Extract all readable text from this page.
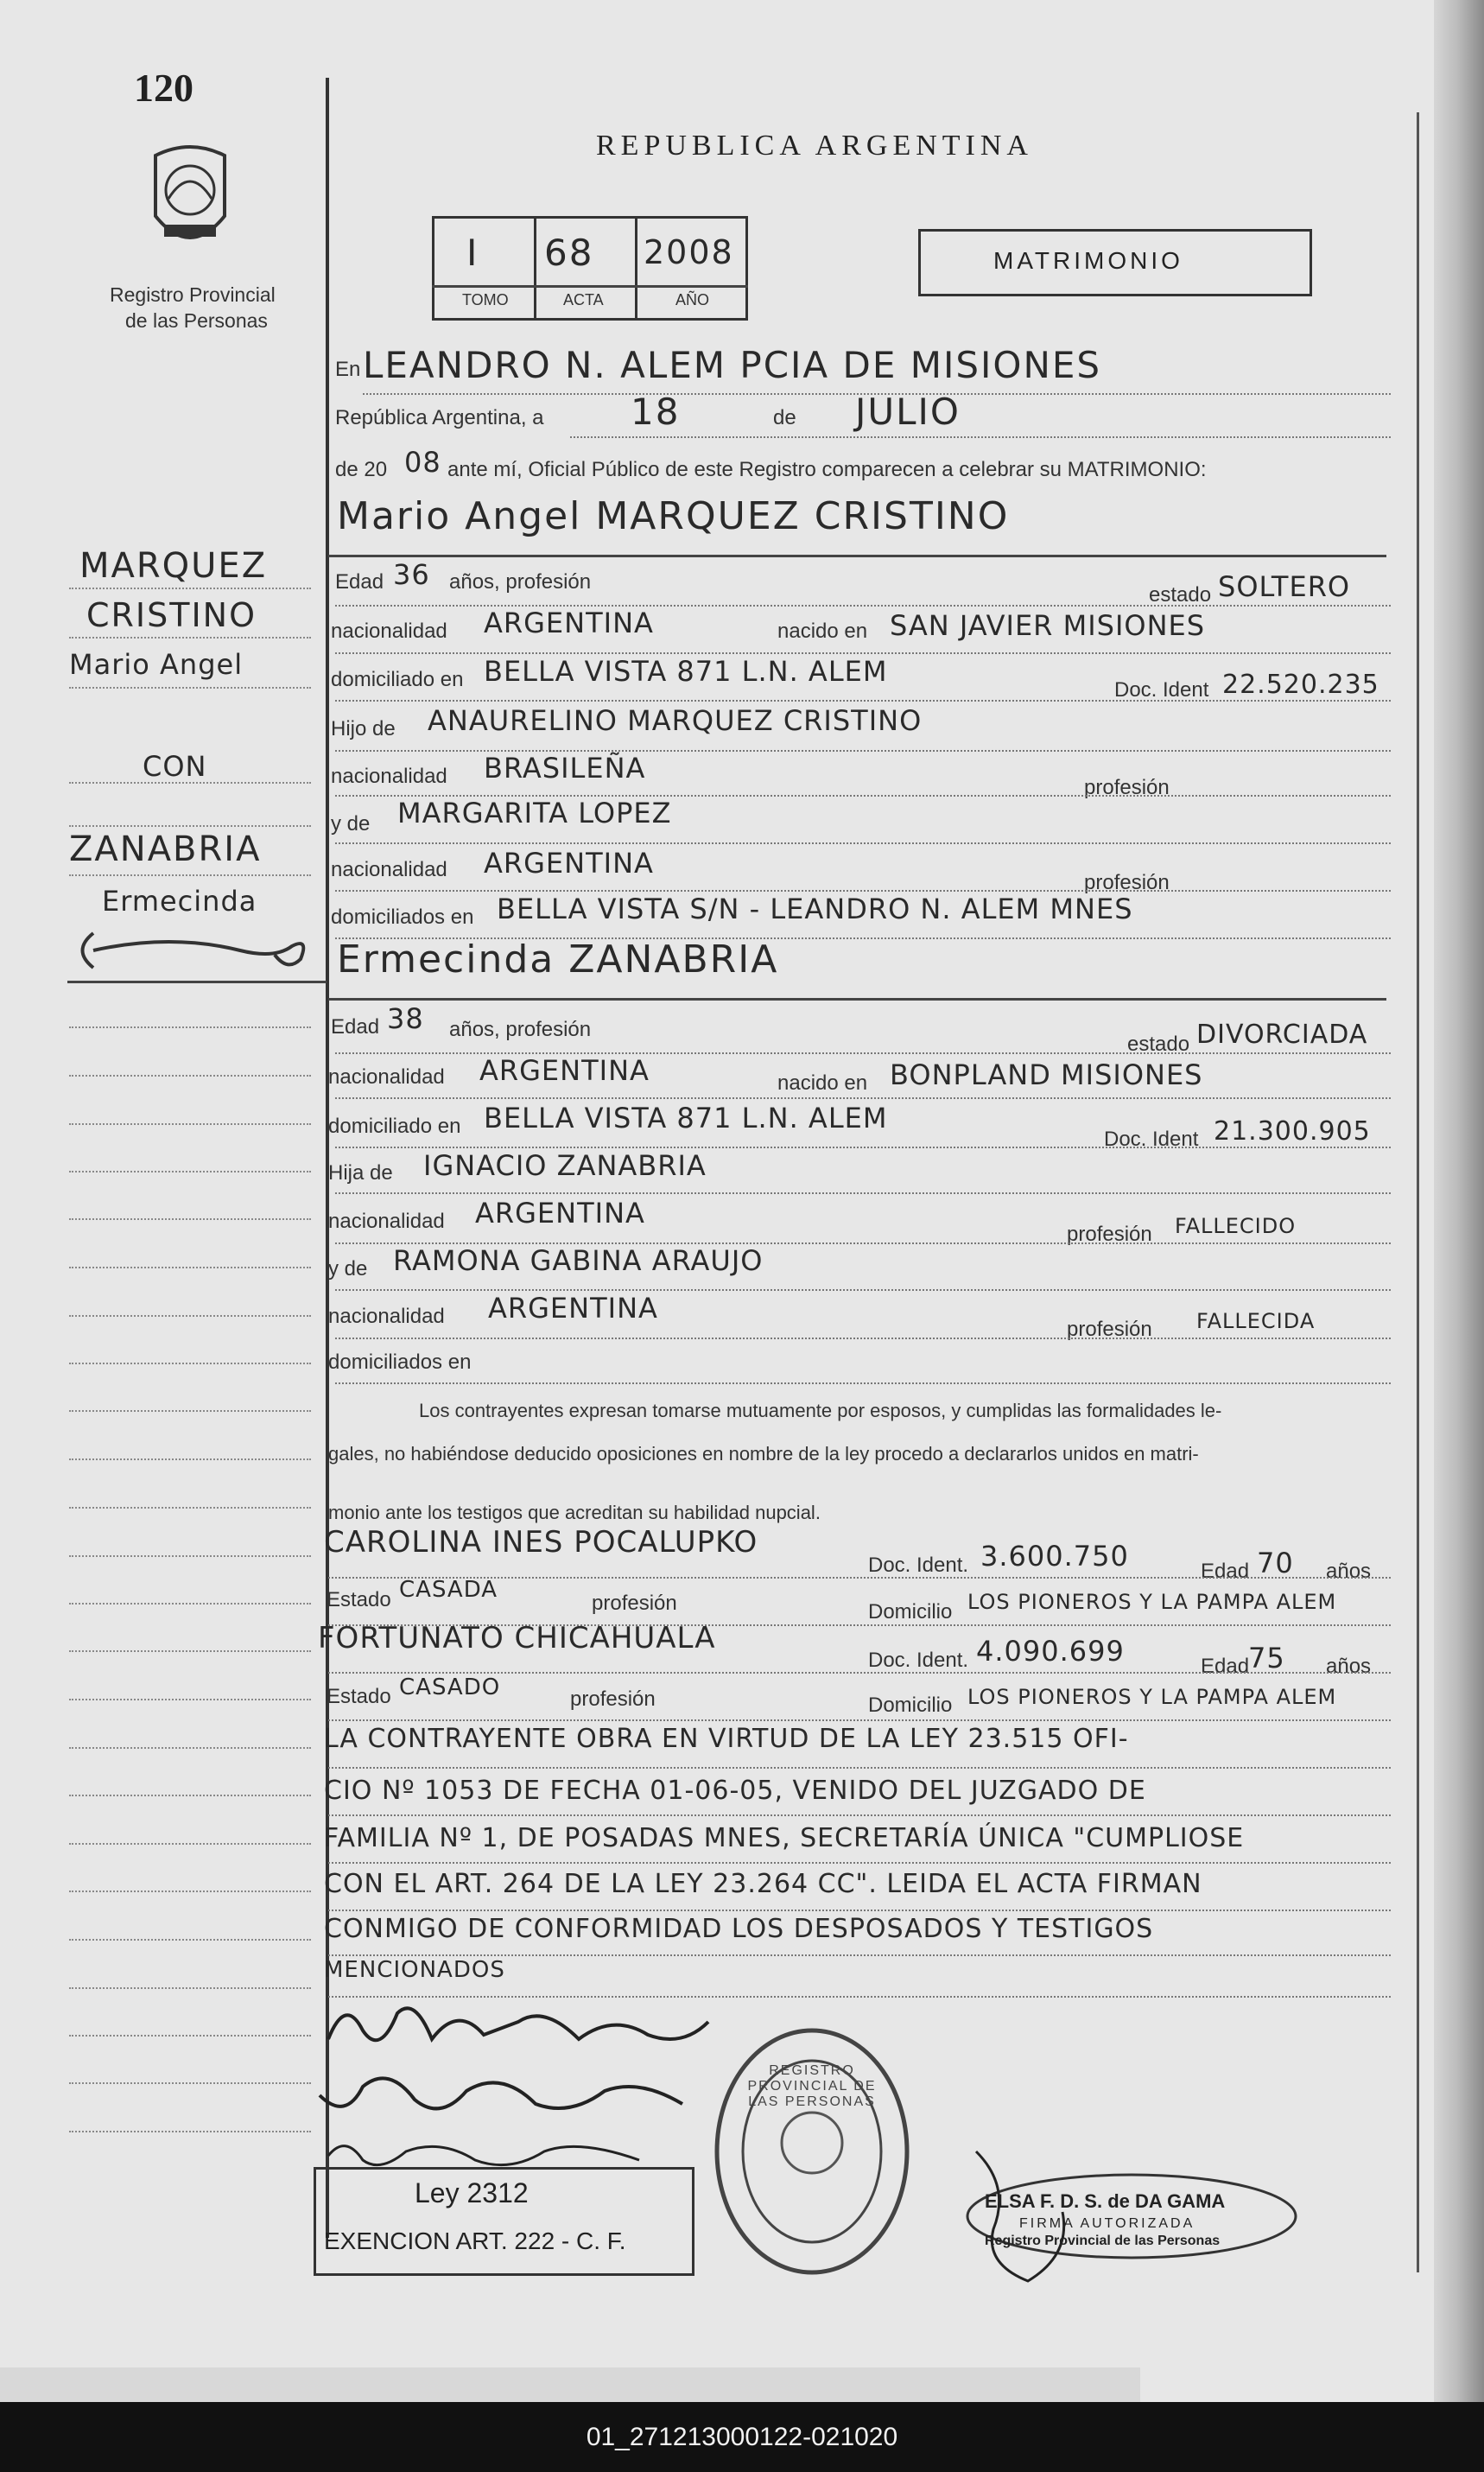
120
Registro Provincial
de las Personas
REPUBLICA ARGENTINA
I 68 2008
TOMO	ACTA	AÑO
MATRIMONIO
En LEANDRO N. ALEM PCIA DE MISIONES
República Argentina, a 18	de JULIO
de 20 08 ante mí, Oficial Público de este Registro comparecen a celebrar su MATRIMONIO:
Mario Angel MARQUEZ CRISTINO
MARQUEZ
CRISTINO
Mario Angel
CON
ZANABRIA
Ermecinda
Edad 36 años, profesión
estado SOLTERO
nacionalidad ARGENTINA	nacido en SAN JAVIER MISIONES
domiciliado en BELLA VISTA 871 L.N. ALEM
Doc. Ident 22.520.235
Hijo de ANAURELINO MARQUEZ CRISTINO
nacionalidad BRASILEÑA
profesión
y de MARGARITA LOPEZ
nacionalidad ARGENTINA
profesión
domiciliados en BELLA VISTA S/N - LEANDRO N. ALEM MNES
Ermecinda ZANABRIA
Edad 38 años, profesión
estado DIVORCIADA
nacionalidad ARGENTINA	nacido en BONPLAND MISIONES
domiciliado en BELLA VISTA 871 L.N. ALEM
Doc. Ident 21.300.905
Hija de IGNACIO ZANABRIA
nacionalidad ARGENTINA
profesión FALLECIDO
y de RAMONA GABINA ARAUJO
nacionalidad ARGENTINA
profesión FALLECIDA
domiciliados en
Los contrayentes expresan tomarse mutuamente por esposos, y cumplidas las formalidades le-
gales, no habiéndose deducido oposiciones en nombre de la ley procedo a declararlos unidos en matri-
monio ante los testigos que acreditan su habilidad nupcial.
CAROLINA INES POCALUPKO
Doc. Ident. 3.600.750	Edad 70 años
Estado CASADA
profesión	Domicilio LOS PIONEROS Y LA PAMPA ALEM
FORTUNATO CHICAHUALA
Doc. Ident. 4.090.699	Edad
75 años
Estado CASADO	profesión	Domicilio LOS PIONEROS Y LA PAMPA ALEM
LA CONTRAYENTE OBRA EN VIRTUD DE LA LEY 23.515 OFI-
CIO Nº 1053 DE FECHA 01-06-05, VENIDO DEL JUZGADO DE
FAMILIA Nº 1, DE POSADAS MNES, SECRETARÍA ÚNICA "CUMPLIOSE
CON EL ART. 264 DE LA LEY 23.264 CC". LEIDA EL ACTA FIRMAN
CONMIGO DE CONFORMIDAD LOS DESPOSADOS Y TESTIGOS
MENCIONADOS
Ley 2312
EXENCION ART. 222 - C. F.
REGISTRO PROVINCIAL DE LAS PERSONAS
ELSA F. D. S. de DA GAMA
FIRMA AUTORIZADA
Registro Provincial de las Personas
01_271213000122-021020
